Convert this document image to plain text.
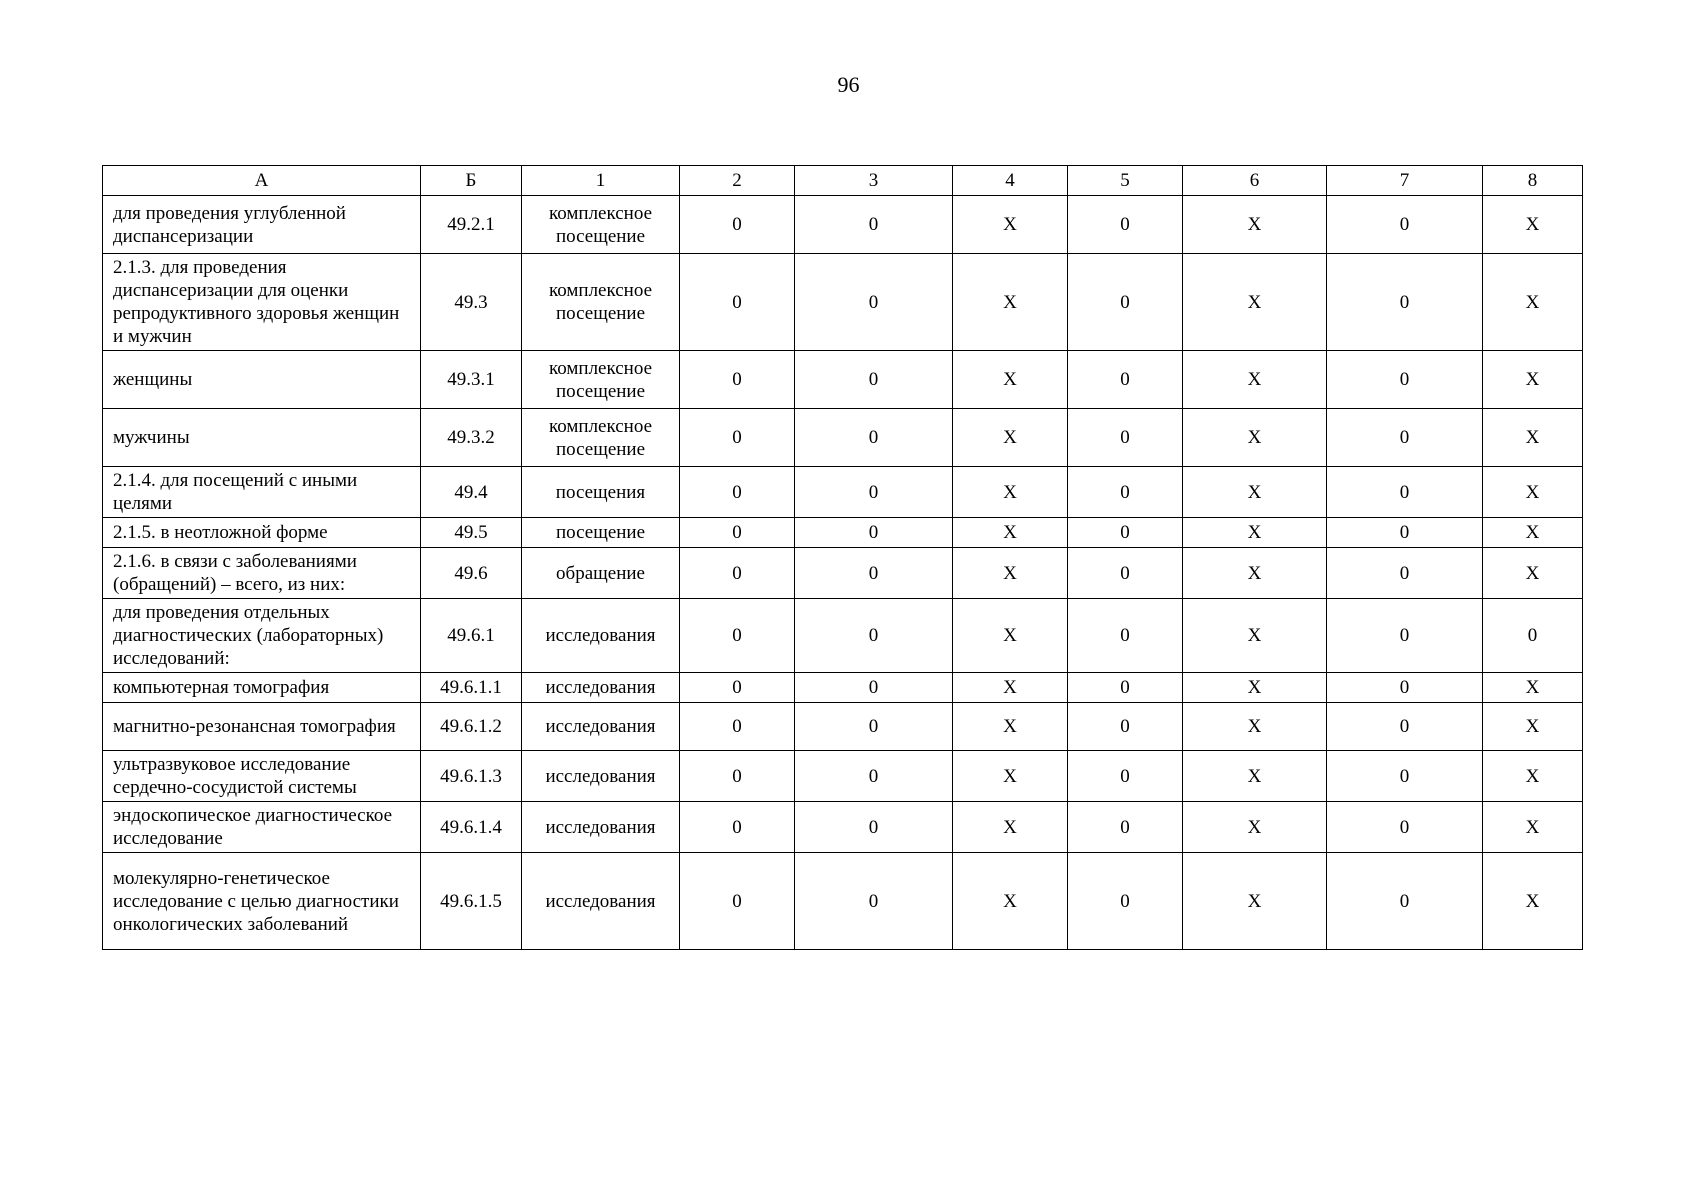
96
А	Б	1	2	3	4	5	6	7	8
для проведения углубленной диспансеризации	49.2.1	комплексное посещение	0	0	X	0	X	0	X
2.1.3. для проведения диспансеризации для оценки репродуктивного здоровья женщин и мужчин	49.3	комплексное посещение	0	0	X	0	X	0	X
женщины	49.3.1	комплексное посещение	0	0	X	0	X	0	X
мужчины	49.3.2	комплексное посещение	0	0	X	0	X	0	X
2.1.4. для посещений с иными целями	49.4	посещения	0	0	X	0	X	0	X
2.1.5. в неотложной форме	49.5	посещение	0	0	X	0	X	0	X
2.1.6. в связи с заболеваниями (обращений) – всего, из них:	49.6	обращение	0	0	X	0	X	0	X
для проведения отдельных диагностических (лабораторных) исследований:	49.6.1	исследования	0	0	X	0	X	0	0
компьютерная томография	49.6.1.1	исследования	0	0	X	0	X	0	X
магнитно-резонансная томография	49.6.1.2	исследования	0	0	X	0	X	0	X
ультразвуковое исследование сердечно-сосудистой системы	49.6.1.3	исследования	0	0	X	0	X	0	X
эндоскопическое диагностическое исследование	49.6.1.4	исследования	0	0	X	0	X	0	X
молекулярно-генетическое исследование с целью диагностики онкологических заболеваний	49.6.1.5	исследования	0	0	X	0	X	0	X
